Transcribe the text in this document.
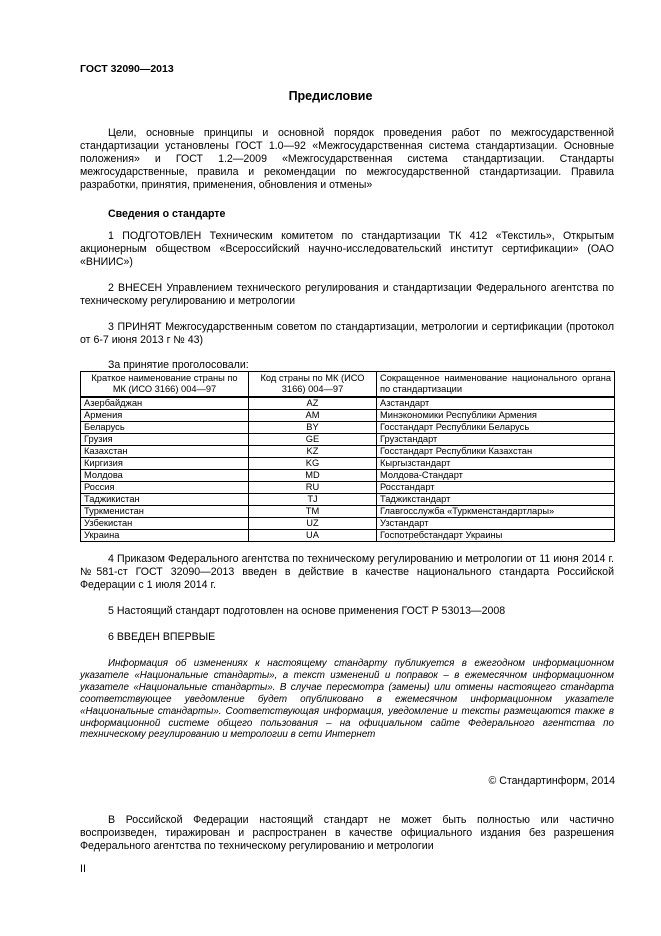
ГОСТ 32090—2013
Предисловие
Цели, основные принципы и основной порядок проведения работ по межгосударственной стандартизации установлены ГОСТ 1.0—92 «Межгосударственная система стандартизации. Основные положения» и ГОСТ 1.2—2009 «Межгосударственная система стандартизации. Стандарты межгосударственные, правила и рекомендации по межгосударственной стандартизации. Правила разработки, принятия, применения, обновления и отмены»
Сведения о стандарте
1 ПОДГОТОВЛЕН Техническим комитетом по стандартизации ТК 412 «Текстиль», Открытым акционерным обществом «Всероссийский научно-исследовательский институт сертификации» (ОАО «ВНИИС»)
2 ВНЕСЕН Управлением технического регулирования и стандартизации Федерального агентства по техническому регулированию и метрологии
3 ПРИНЯТ Межгосударственным советом по стандартизации, метрологии и сертификации (протокол от 6-7 июня 2013 г № 43)
За принятие проголосовали:
Краткое наименование страны по МК (ИСО 3166) 004—97	Код страны по МК (ИСО 3166) 004—97	Сокращенное наименование национального органа по стандартизации
Азербайджан	AZ	Азстандарт
Армения	AM	Минэкономики Республики Армения
Беларусь	BY	Госстандарт Республики Беларусь
Грузия	GE	Грузстандарт
Казахстан	KZ	Госстандарт Республики Казахстан
Киргизия	KG	Кыргызстандарт
Молдова	MD	Молдова-Стандарт
Россия	RU	Росстандарт
Таджикистан	TJ	Таджикстандарт
Туркменистан	TM	Главгосслужба «Туркменстандартлары»
Узбекистан	UZ	Узстандарт
Украина	UA	Госпотребстандарт Украины
4 Приказом Федерального агентства по техническому регулированию и метрологии от 11 июня 2014 г. №581-ст ГОСТ 32090—2013 введен в действие в качестве национального стандарта Российской Федерации с 1 июля 2014 г.
5 Настоящий стандарт подготовлен на основе применения ГОСТ Р 53013—2008
6 ВВЕДЕН ВПЕРВЫЕ
Информация об изменениях к настоящему стандарту публикуется в ежегодном информационном указателе «Национальные стандарты», а текст изменений и поправок – в ежемесячном информационном указателе «Национальные стандарты». В случае пересмотра (замены) или отмены настоящего стандарта соответствующее уведомление будет опубликовано в ежемесячном информационном указателе «Национальные стандарты». Соответствующая информация, уведомление и тексты размещаются также в информационной системе общего пользования – на официальном сайте Федерального агентства по техническому регулированию и метрологии в сети Интернет
© Стандартинформ, 2014
В Российской Федерации настоящий стандарт не может быть полностью или частично воспроизведен, тиражирован и распространен в качестве официального издания без разрешения Федерального агентства по техническому регулированию и метрологии
II
